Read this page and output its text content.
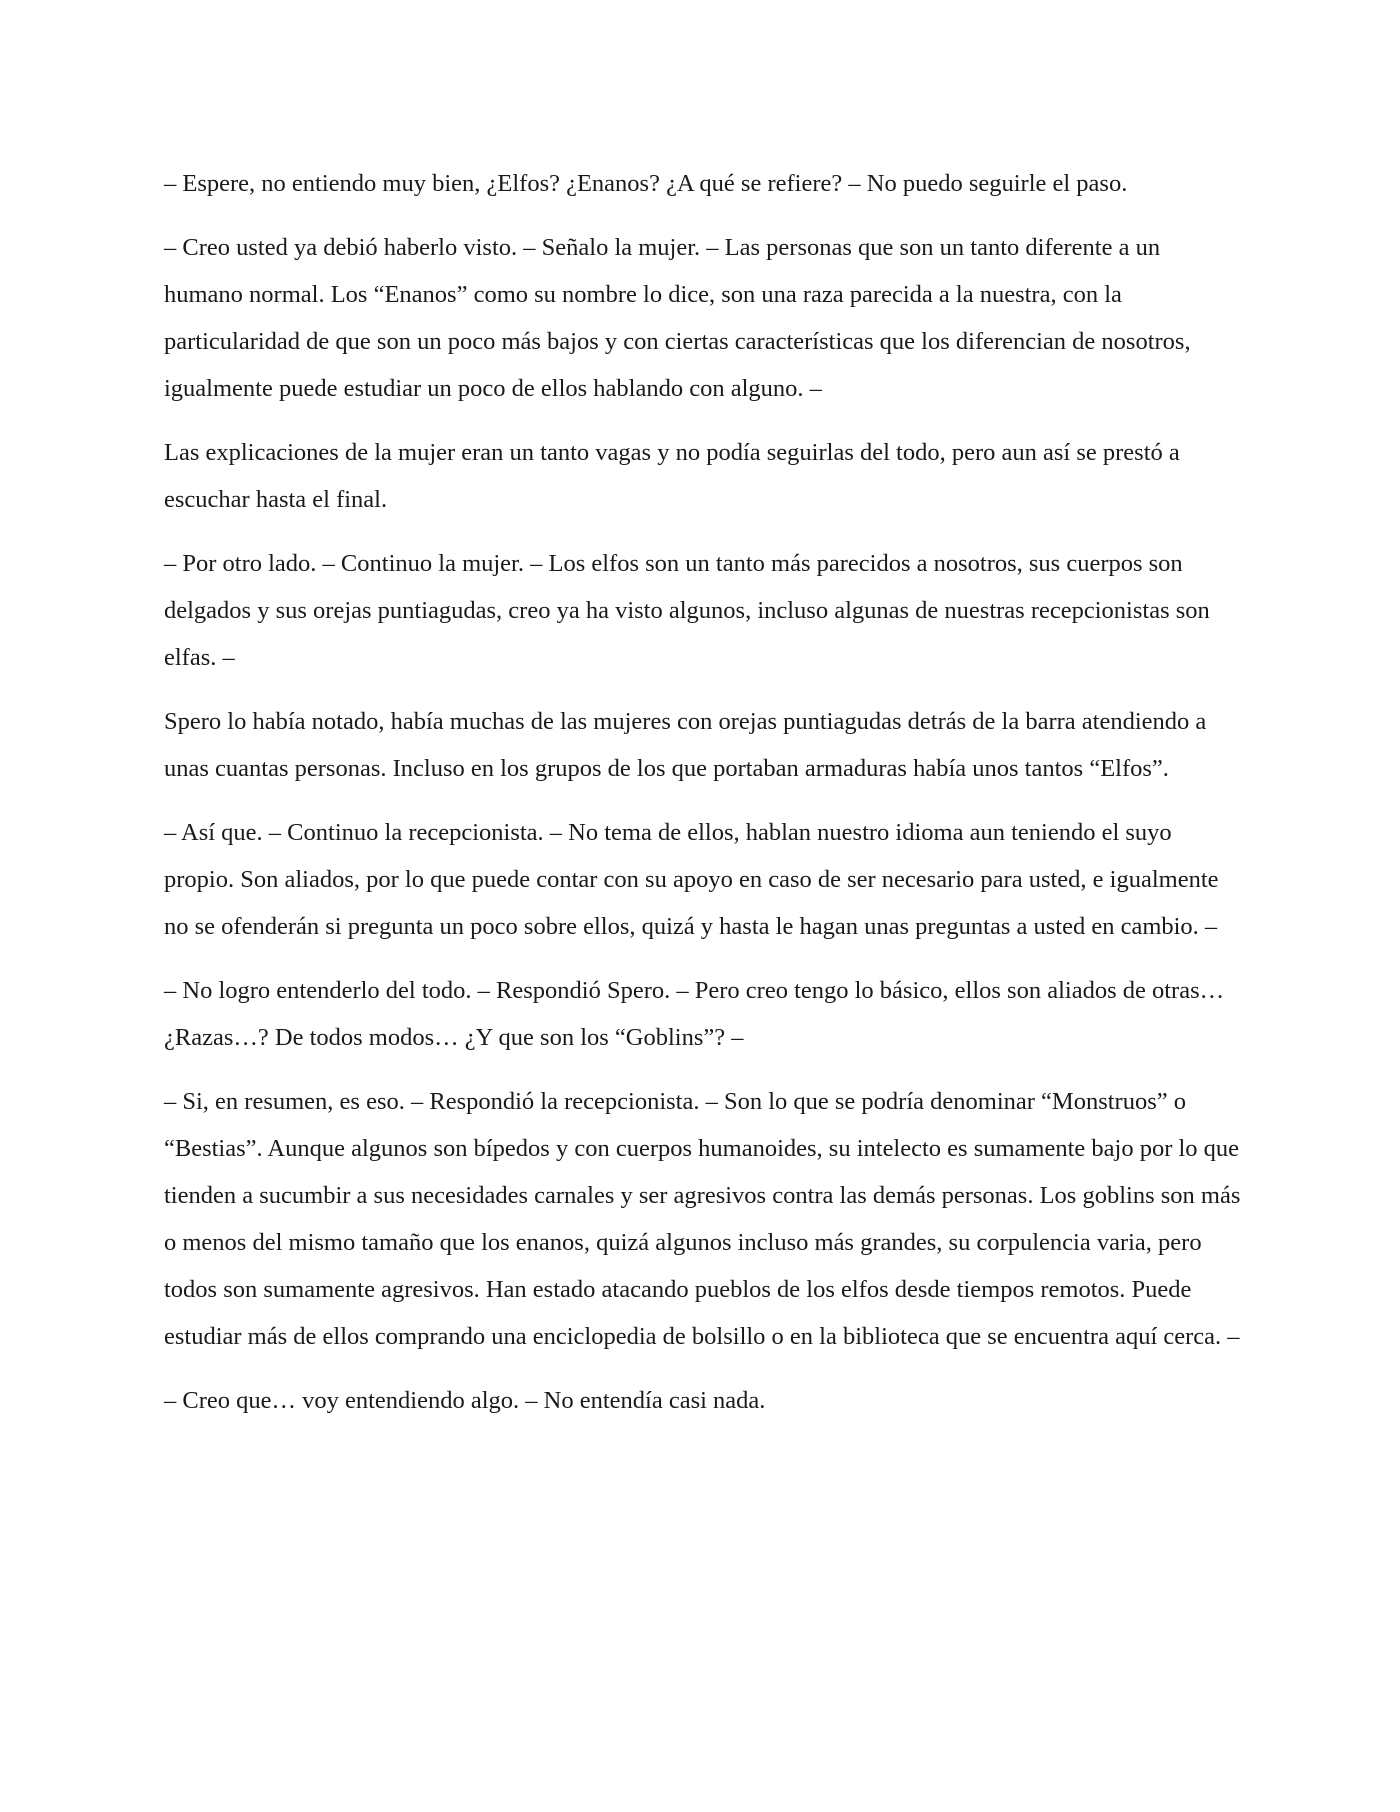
– Espere, no entiendo muy bien, ¿Elfos? ¿Enanos? ¿A qué se refiere? – No puedo seguirle el paso.

– Creo usted ya debió haberlo visto. – Señalo la mujer. – Las personas que son un tanto diferente a un humano normal. Los “Enanos” como su nombre lo dice, son una raza parecida a la nuestra, con la particularidad de que son un poco más bajos y con ciertas características que los diferencian de nosotros, igualmente puede estudiar un poco de ellos hablando con alguno. –

Las explicaciones de la mujer eran un tanto vagas y no podía seguirlas del todo, pero aun así se prestó a escuchar hasta el final.

– Por otro lado. – Continuo la mujer. – Los elfos son un tanto más parecidos a nosotros, sus cuerpos son delgados y sus orejas puntiagudas, creo ya ha visto algunos, incluso algunas de nuestras recepcionistas son elfas. –

Spero lo había notado, había muchas de las mujeres con orejas puntiagudas detrás de la barra atendiendo a unas cuantas personas. Incluso en los grupos de los que portaban armaduras había unos tantos “Elfos”.

– Así que. – Continuo la recepcionista. – No tema de ellos, hablan nuestro idioma aun teniendo el suyo propio. Son aliados, por lo que puede contar con su apoyo en caso de ser necesario para usted, e igualmente no se ofenderán si pregunta un poco sobre ellos, quizá y hasta le hagan unas preguntas a usted en cambio. –

– No logro entenderlo del todo. – Respondió Spero. – Pero creo tengo lo básico, ellos son aliados de otras… ¿Razas…? De todos modos… ¿Y que son los “Goblins”? –

– Si, en resumen, es eso. – Respondió la recepcionista. – Son lo que se podría denominar “Monstruos” o “Bestias”. Aunque algunos son bípedos y con cuerpos humanoides, su intelecto es sumamente bajo por lo que tienden a sucumbir a sus necesidades carnales y ser agresivos contra las demás personas. Los goblins son más o menos del mismo tamaño que los enanos, quizá algunos incluso más grandes, su corpulencia varia, pero todos son sumamente agresivos. Han estado atacando pueblos de los elfos desde tiempos remotos. Puede estudiar más de ellos comprando una enciclopedia de bolsillo o en la biblioteca que se encuentra aquí cerca. –

– Creo que… voy entendiendo algo. – No entendía casi nada.
